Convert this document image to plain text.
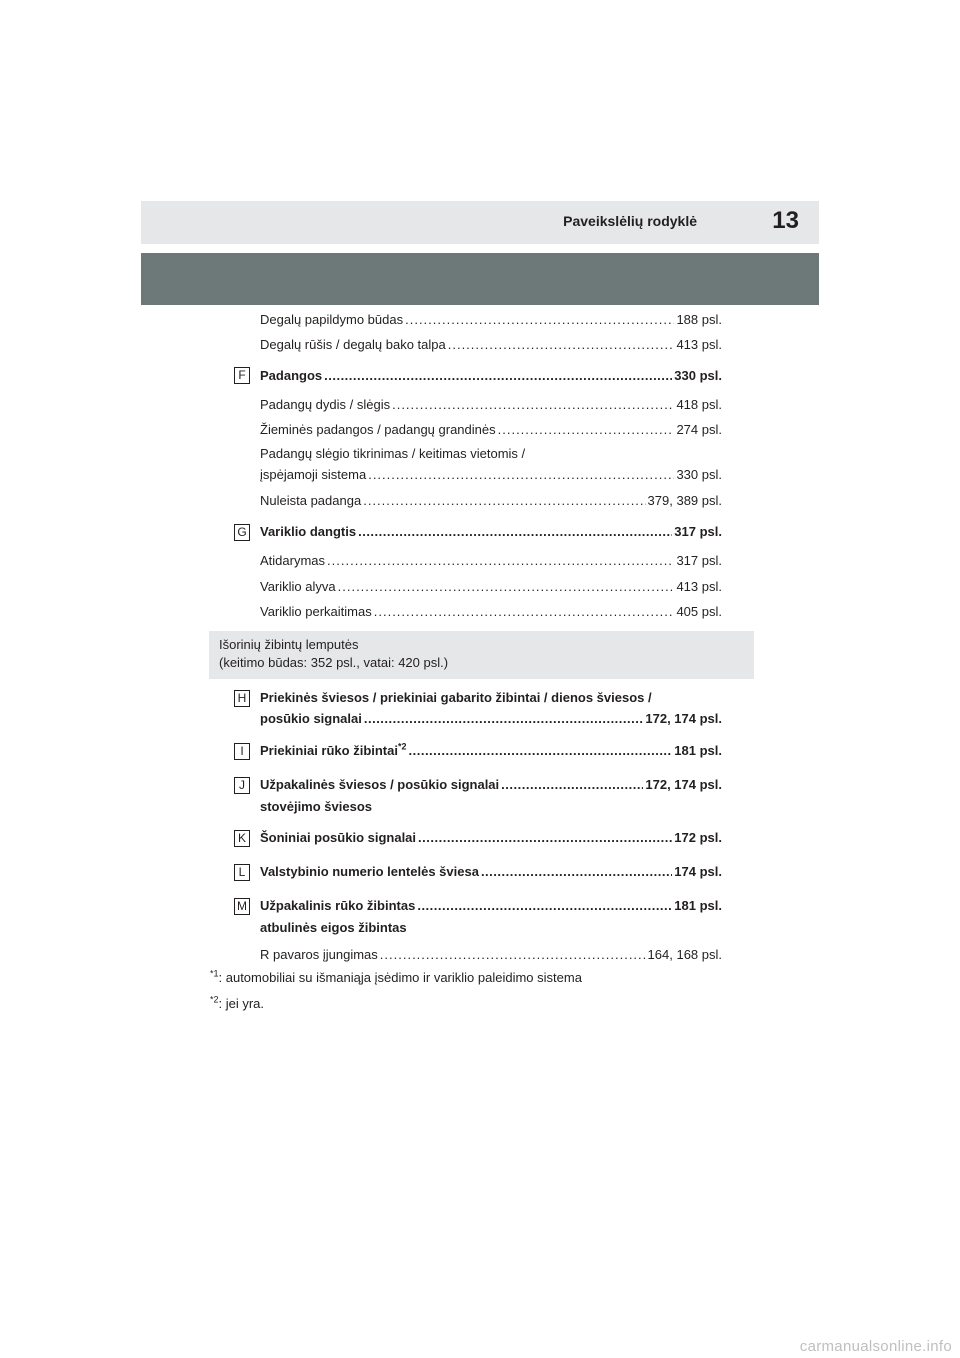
Paveikslėlių rodyklė	13
Degalų papildymo būdas .....	188 psl.
Degalų rūšis / degalų bako talpa .....	413 psl.
F	Padangos .....	330 psl.
Padangų dydis / slėgis .....	418 psl.
Žieminės padangos / padangų grandinės .....	274 psl.
Padangų slėgio tikrinimas / keitimas vietomis /
įspėjamoji sistema .....	330 psl.
Nuleista padanga .....	379, 389 psl.
G Variklio dangtis .....	317 psl.
Atidarymas .....	317 psl.
Variklio alyva .....	413 psl.
Variklio perkaitimas .....	405 psl.
Išorinių žibintų lemputės
(keitimo būdas: 352 psl., vatai: 420 psl.)
H Priekinės šviesos / priekiniai gabarito žibintai / dienos šviesos /
posūkio signalai .....	172, 174 psl.
I	Priekiniai rūko žibintai$^{*2}$ .....	181 psl.
J	Užpakalinės šviesos / posūkio signalai .....	172, 174 psl.
stovėjimo šviesos
K	Šoniniai posūkio signalai .....	172 psl.
L	Valstybinio numerio lentelės šviesa .....	174 psl.
M Užpakalinis rūko žibintas .....	181 psl.
atbulinės eigos žibintas
R pavaros įjungimas .....	164, 168 psl.
$^{*1}$: automobiliai su išmaniąja įsėdimo ir variklio paleidimo sistema
$^{*2}$: jei yra.
carmanualsonline.info
